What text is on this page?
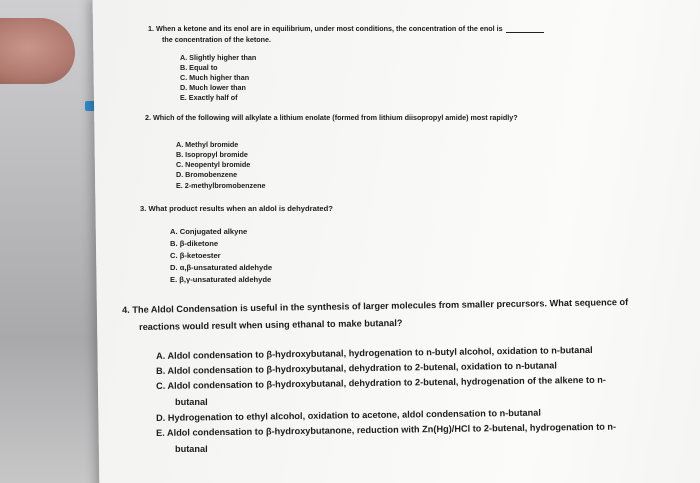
1. When a ketone and its enol are in equilibrium, under most conditions, the concentration of the enol is
the concentration of the ketone.
A. Slightly higher than
B. Equal to
C. Much higher than
D. Much lower than
E. Exactly half of
2. Which of the following will alkylate a lithium enolate (formed from lithium diisopropyl amide) most rapidly?
A. Methyl bromide
B. Isopropyl bromide
C. Neopentyl bromide
D. Bromobenzene
E. 2-methylbromobenzene
3. What product results when an aldol is dehydrated?
A. Conjugated alkyne
B. β-diketone
C. β-ketoester
D. α,β-unsaturated aldehyde
E. β,γ-unsaturated aldehyde
4. The Aldol Condensation is useful in the synthesis of larger molecules from smaller precursors. What sequence of
reactions would result when using ethanal to make butanal?
A. Aldol condensation to β-hydroxybutanal, hydrogenation to n-butyl alcohol, oxidation to n-butanal
B. Aldol condensation to β-hydroxybutanal, dehydration to 2-butenal, oxidation to n-butanal
C. Aldol condensation to β-hydroxybutanal, dehydration to 2-butenal, hydrogenation of the alkene to n-
butanal
D. Hydrogenation to ethyl alcohol, oxidation to acetone, aldol condensation to n-butanal
E. Aldol condensation to β-hydroxybutanone, reduction with Zn(Hg)/HCl to 2-butenal, hydrogenation to n-
butanal
